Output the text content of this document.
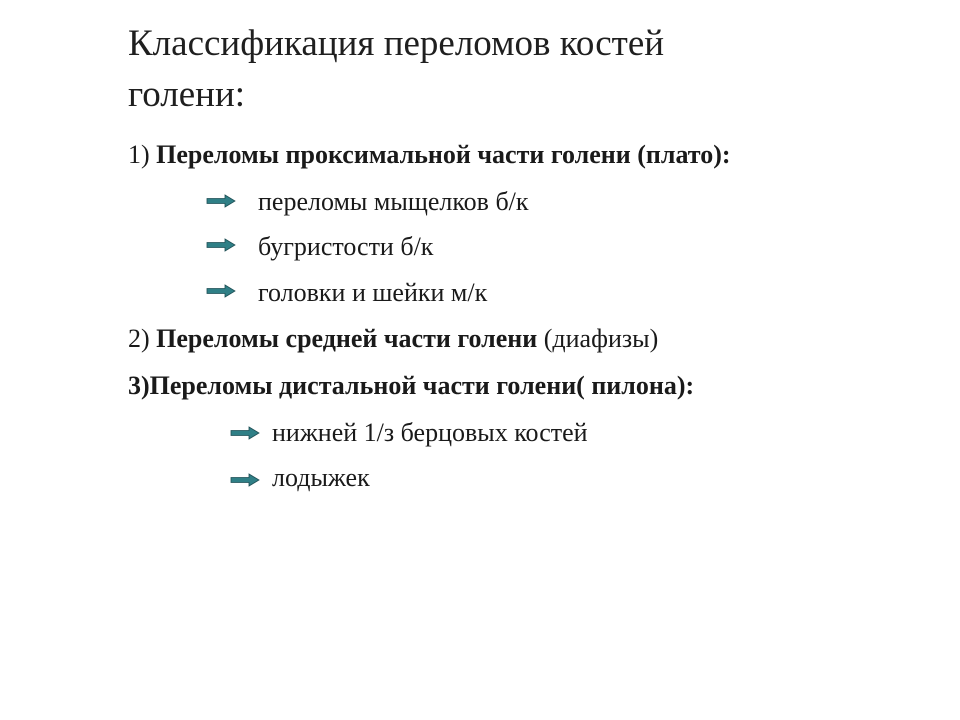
Классификация переломов костей
голени:
1) Переломы проксимальной части голени (плато):
переломы мыщелков б/к
бугристости б/к
головки и шейки м/к
2) Переломы средней части голени (диафизы)
3)Переломы дистальной части голени( пилона):
нижней 1/з берцовых костей
лодыжек
